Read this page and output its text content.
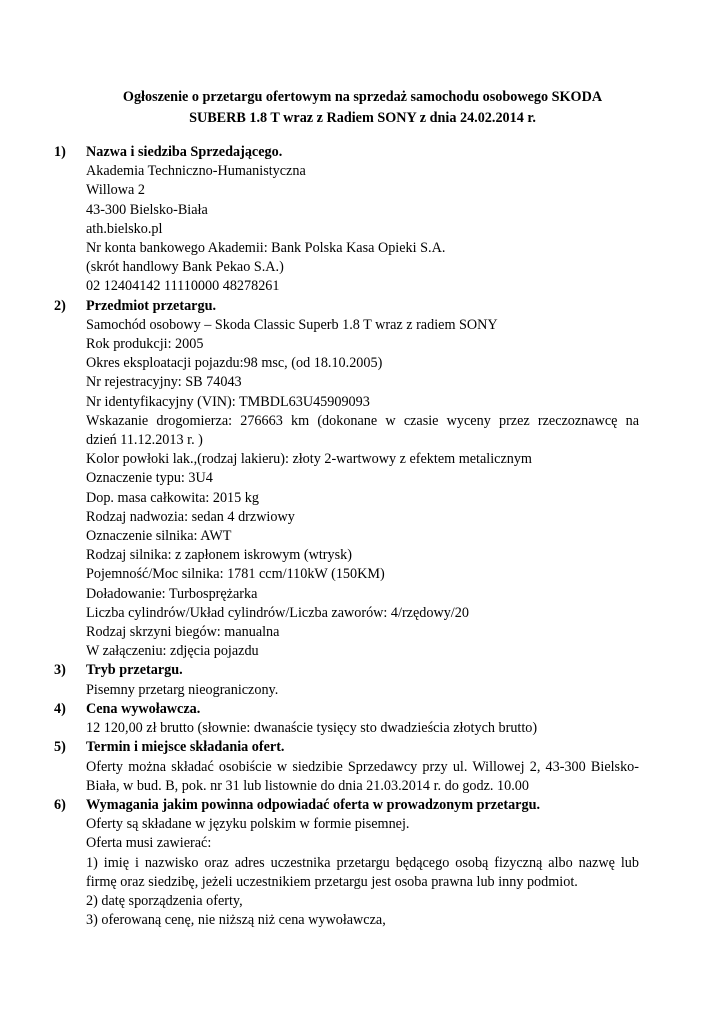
Ogłoszenie o przetargu ofertowym na sprzedaż samochodu osobowego SKODA
SUBERB 1.8 T wraz z Radiem SONY z dnia 24.02.2014 r.
1) Nazwa i siedziba Sprzedającego.
Akademia Techniczno-Humanistyczna
Willowa 2
43-300 Bielsko-Biała
ath.bielsko.pl
Nr konta bankowego Akademii: Bank Polska Kasa Opieki S.A.
(skrót handlowy Bank Pekao S.A.)
02 12404142 11110000 48278261
2) Przedmiot przetargu.
Samochód osobowy – Skoda Classic Superb 1.8 T wraz z radiem SONY
Rok produkcji: 2005
Okres eksploatacji pojazdu:98 msc, (od 18.10.2005)
Nr rejestracyjny: SB 74043
Nr identyfikacyjny (VIN): TMBDL63U45909093
Wskazanie drogomierza: 276663 km (dokonane w czasie wyceny przez rzeczoznawcę na
dzień 11.12.2013 r. )
Kolor powłoki lak.,(rodzaj lakieru): złoty 2-wartwowy z efektem metalicznym
Oznaczenie typu: 3U4
Dop. masa całkowita: 2015 kg
Rodzaj nadwozia: sedan 4 drzwiowy
Oznaczenie silnika: AWT
Rodzaj silnika: z zapłonem iskrowym (wtrysk)
Pojemność/Moc silnika: 1781 ccm/110kW (150KM)
Doładowanie: Turbosprężarka
Liczba cylindrów/Układ cylindrów/Liczba zaworów: 4/rzędowy/20
Rodzaj skrzyni biegów: manualna
W załączeniu: zdjęcia pojazdu
3) Tryb przetargu.
Pisemny przetarg nieograniczony.
4) Cena wywoławcza.
12 120,00 zł brutto (słownie: dwanaście tysięcy sto dwadzieścia złotych brutto)
5) Termin i miejsce składania ofert.
Oferty można składać osobiście w siedzibie Sprzedawcy przy ul. Willowej 2, 43-300 Bielsko-
Biała, w bud. B, pok. nr 31 lub listownie do dnia 21.03.2014 r. do godz. 10.00
6) Wymagania jakim powinna odpowiadać oferta w prowadzonym przetargu.
Oferty są składane w języku polskim w formie pisemnej.
Oferta musi zawierać:
1) imię i nazwisko oraz adres uczestnika przetargu będącego osobą fizyczną albo nazwę lub
firmę oraz siedzibę, jeżeli uczestnikiem przetargu jest osoba prawna lub inny podmiot.
2) datę sporządzenia oferty,
3) oferowaną cenę, nie niższą niż cena wywoławcza,
